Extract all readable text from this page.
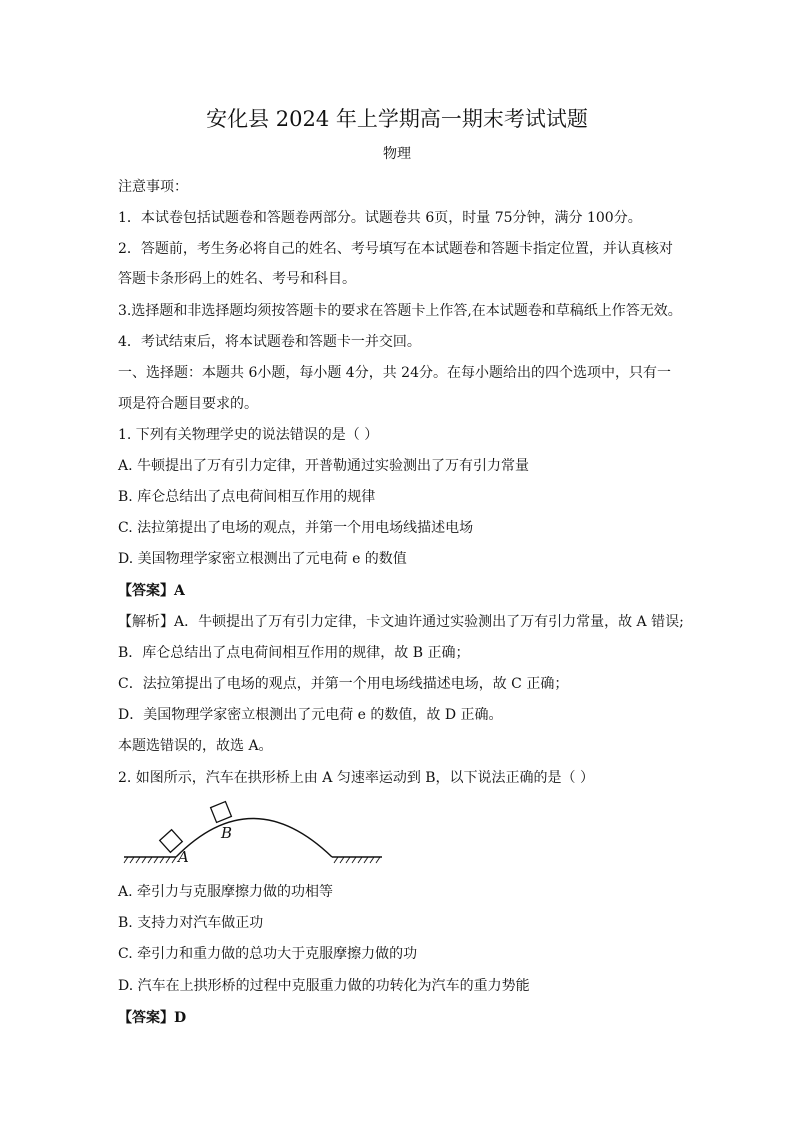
安化县 2024 年上学期高一期末考试试题
物理
注意事项：
1．本试卷包括试题卷和答题卷两部分。试题卷共 6页，时量 75分钟，满分 100分。
2．答题前，考生务必将自己的姓名、考号填写在本试题卷和答题卡指定位置，并认真核对
答题卡条形码上的姓名、考号和科目。
3.选择题和非选择题均须按答题卡的要求在答题卡上作答,在本试题卷和草稿纸上作答无效。
4．考试结束后，将本试题卷和答题卡一并交回。
一、选择题：本题共 6小题，每小题 4分，共 24分。在每小题给出的四个选项中，只有一
项是符合题目要求的。
1. 下列有关物理学史的说法错误的是（ ）
A. 牛顿提出了万有引力定律，开普勒通过实验测出了万有引力常量
B. 库仑总结出了点电荷间相互作用的规律
C. 法拉第提出了电场的观点，并第一个用电场线描述电场
D. 美国物理学家密立根测出了元电荷 e 的数值
【答案】A
【解析】A．牛顿提出了万有引力定律，卡文迪许通过实验测出了万有引力常量，故 A 错误;
B．库仑总结出了点电荷间相互作用的规律，故 B 正确；
C．法拉第提出了电场的观点，并第一个用电场线描述电场，故 C 正确；
D．美国物理学家密立根测出了元电荷 e 的数值，故 D 正确。
本题选错误的，故选 A。
2. 如图所示，汽车在拱形桥上由 A 匀速率运动到 B，以下说法正确的是（ ）
A
B
A. 牵引力与克服摩擦力做的功相等
B. 支持力对汽车做正功
C. 牵引力和重力做的总功大于克服摩擦力做的功
D. 汽车在上拱形桥的过程中克服重力做的功转化为汽车的重力势能
【答案】D
